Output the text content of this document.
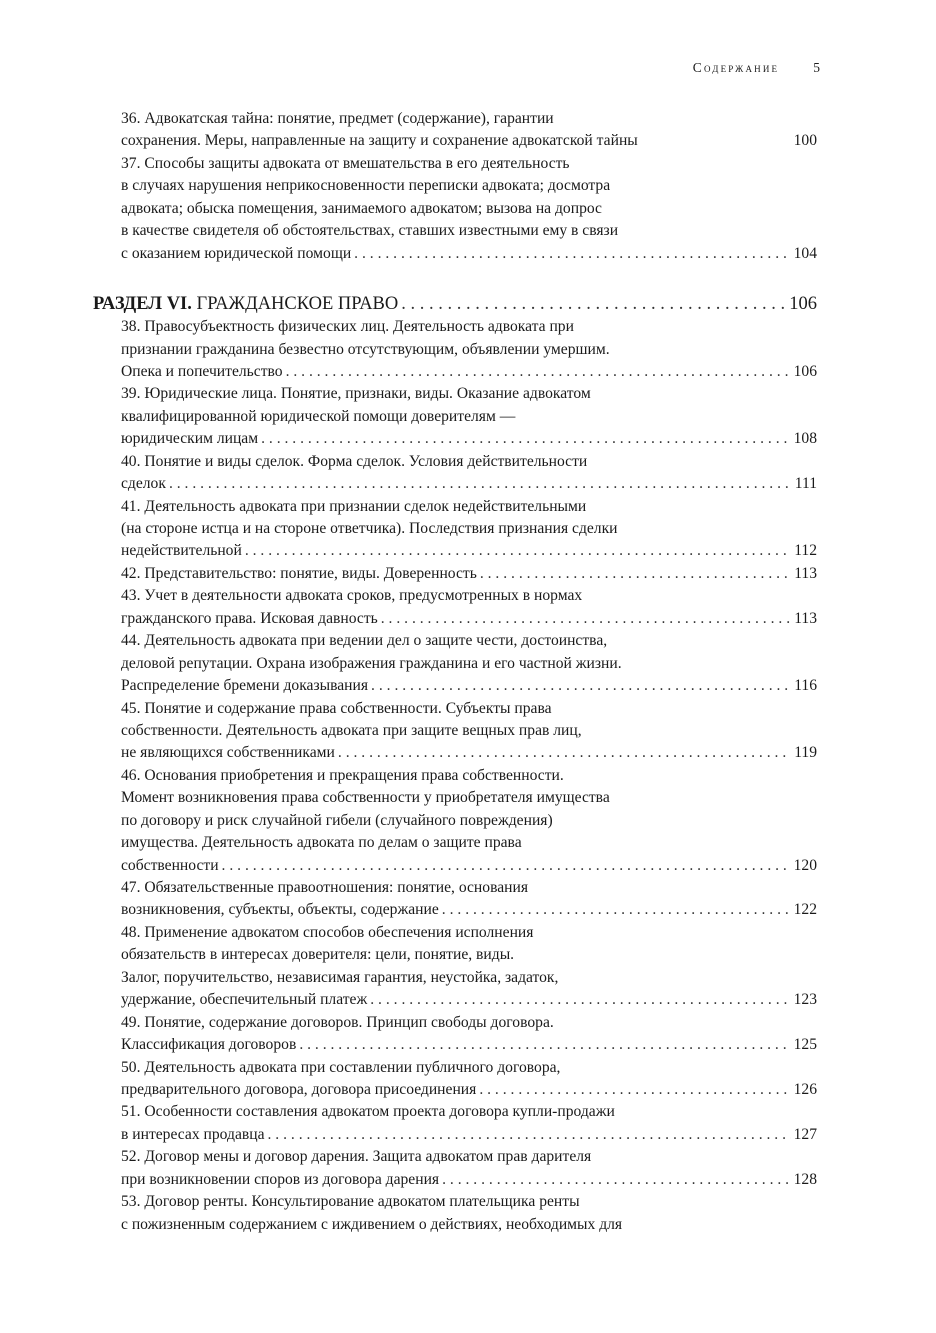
Содержание	5
36. Адвокатская тайна: понятие, предмет (содержание), гарантии
сохранения. Меры, направленные на защиту и сохранение адвокатской тайны	100
37. Способы защиты адвоката от вмешательства в его деятельность
в случаях нарушения неприкосновенности переписки адвоката; досмотра
адвоката; обыска помещения, занимаемого адвокатом; вызова на допрос
в качестве свидетеля об обстоятельствах, ставших известными ему в связи
с оказанием юридической помощи . . .	104
РАЗДЕЛ VI. ГРАЖДАНСКОЕ ПРАВО . . .	106
38. Правосубъектность физических лиц. Деятельность адвоката при
признании гражданина безвестно отсутствующим, объявлении умершим.
Опека и попечительство . . .	106
39. Юридические лица. Понятие, признаки, виды. Оказание адвокатом
квалифицированной юридической помощи доверителям —
юридическим лицам . . .	108
40. Понятие и виды сделок. Форма сделок. Условия действительности
сделок . . .	111
41. Деятельность адвоката при признании сделок недействительными
(на стороне истца и на стороне ответчика). Последствия признания сделки
недействительной . . .	112
42. Представительство: понятие, виды. Доверенность . . .	113
43. Учет в деятельности адвоката сроков, предусмотренных в нормах
гражданского права. Исковая давность . . .	113
44. Деятельность адвоката при ведении дел о защите чести, достоинства,
деловой репутации. Охрана изображения гражданина и его частной жизни.
Распределение бремени доказывания . . .	116
45. Понятие и содержание права собственности. Субъекты права
собственности. Деятельность адвоката при защите вещных прав лиц,
не являющихся собственниками . . .	119
46. Основания приобретения и прекращения права собственности.
Момент возникновения права собственности у приобретателя имущества
по договору и риск случайной гибели (случайного повреждения)
имущества. Деятельность адвоката по делам о защите права
собственности . . .	120
47. Обязательственные правоотношения: понятие, основания
возникновения, субъекты, объекты, содержание . . .	122
48. Применение адвокатом способов обеспечения исполнения
обязательств в интересах доверителя: цели, понятие, виды.
Залог, поручительство, независимая гарантия, неустойка, задаток,
удержание, обеспечительный платеж . . .	123
49. Понятие, содержание договоров. Принцип свободы договора.
Классификация договоров . . .	125
50. Деятельность адвоката при составлении публичного договора,
предварительного договора, договора присоединения . . .	126
51. Особенности составления адвокатом проекта договора купли-продажи
в интересах продавца . . .	127
52. Договор мены и договор дарения. Защита адвокатом прав дарителя
при возникновении споров из договора дарения . . .	128
53. Договор ренты. Консультирование адвокатом плательщика ренты
с пожизненным содержанием с иждивением о действиях, необходимых для
